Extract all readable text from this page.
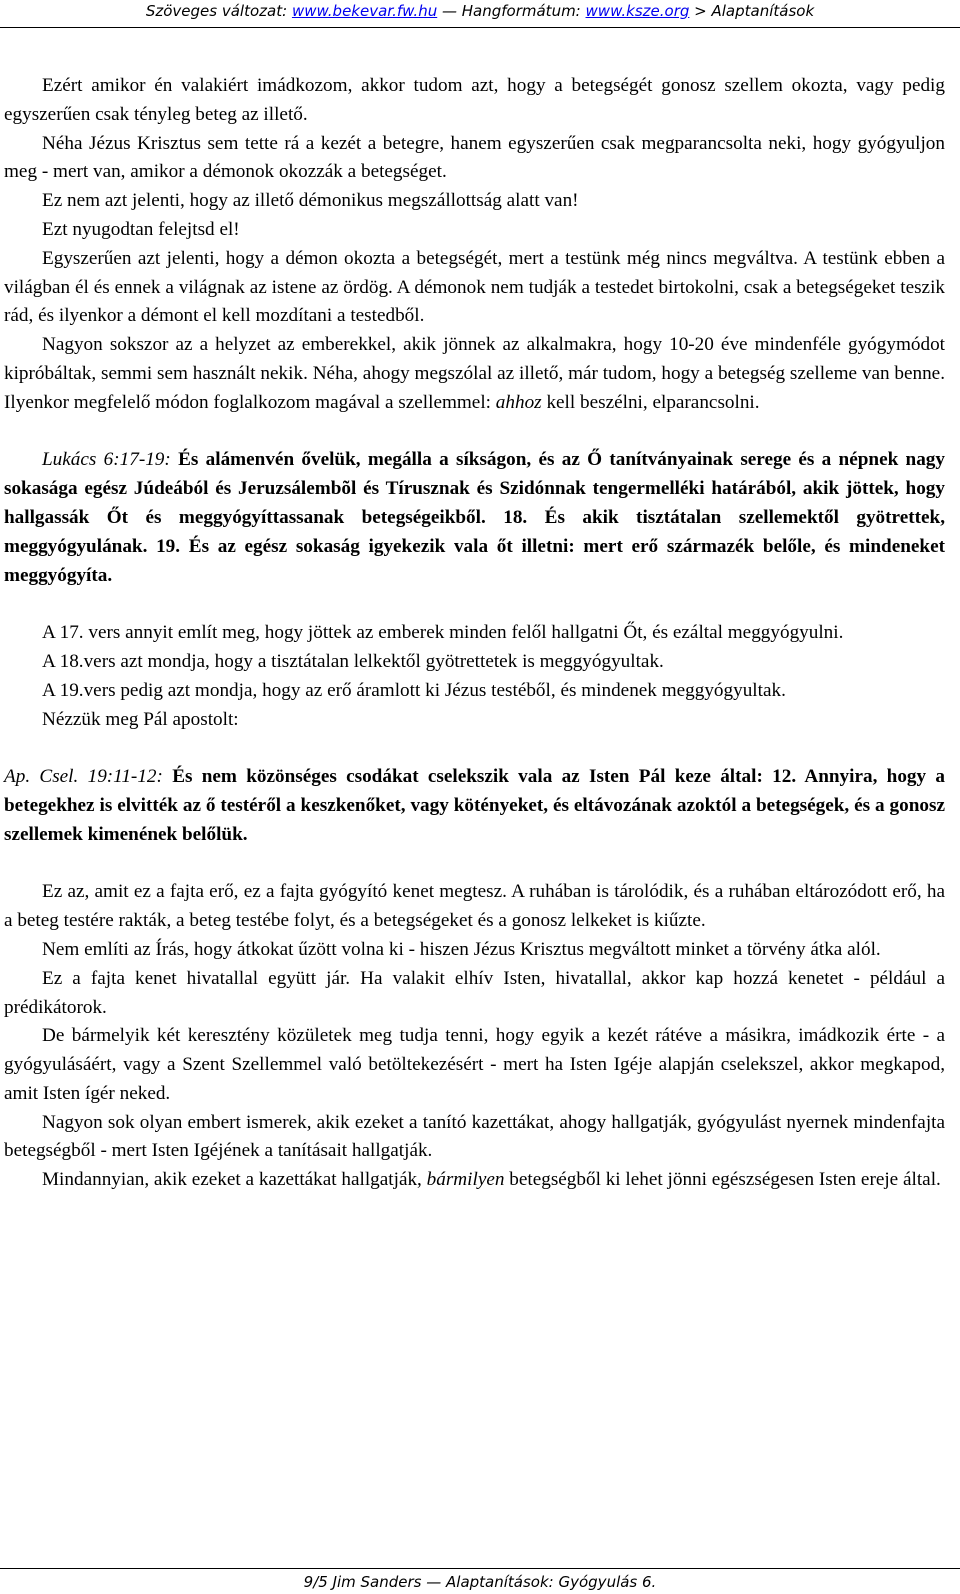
Szöveges változat: www.bekevar.fw.hu — Hangformátum: www.ksze.org > Alaptanítások

Ezért amikor én valakiért imádkozom, akkor tudom azt, hogy a betegségét gonosz szellem okozta, vagy pedig egyszerűen csak tényleg beteg az illető.

Néha Jézus Krisztus sem tette rá a kezét a betegre, hanem egyszerűen csak megparancsolta neki, hogy gyógyuljon meg - mert van, amikor a démonok okozzák a betegséget.

Ez nem azt jelenti, hogy az illető démonikus megszállottság alatt van!

Ezt nyugodtan felejtsd el!

Egyszerűen azt jelenti, hogy a démon okozta a betegségét, mert a testünk még nincs megváltva. A testünk ebben a világban él és ennek a világnak az istene az ördög. A démonok nem tudják a testedet birtokolni, csak a betegségeket teszik rád, és ilyenkor a démont el kell mozdítani a testedből.

Nagyon sokszor az a helyzet az emberekkel, akik jönnek az alkalmakra, hogy 10-20 éve mindenféle gyógymódot kipróbáltak, semmi sem használt nekik. Néha, ahogy megszólal az illető, már tudom, hogy a betegség szelleme van benne. Ilyenkor megfelelő módon foglalkozom magával a szellemmel: ahhoz kell beszélni, elparancsolni.

Lukács 6:17-19: És alámenvén ővelük, megálla a síkságon, és az Ő tanítványainak serege és a népnek nagy sokasága egész Júdeából és Jeruzsálembõl és Tírusznak és Szidónnak tengermelléki határából, akik jöttek, hogy hallgassák Őt és meggyógyíttassanak betegségeikből. 18. És akik tisztátalan szellemektől gyötrettek, meggyógyulának. 19. És az egész sokaság igyekezik vala őt illetni: mert erő származék belőle, és mindeneket meggyógyíta.

A 17. vers annyit említ meg, hogy jöttek az emberek minden felől hallgatni Őt, és ezáltal meggyógyulni.

A 18.vers azt mondja, hogy a tisztátalan lelkektől gyötrettetek is meggyógyultak.

A 19.vers pedig azt mondja, hogy az erő áramlott ki Jézus testéből, és mindenek meggyógyultak.

Nézzük meg Pál apostolt:

Ap. Csel. 19:11-12: És nem közönséges csodákat cselekszik vala az Isten Pál keze által: 12. Annyira, hogy a betegekhez is elvitték az ő testéről a keszkenőket, vagy kötényeket, és eltávozának azoktól a betegségek, és a gonosz szellemek kimenének belőlük.

Ez az, amit ez a fajta erő, ez a fajta gyógyító kenet megtesz. A ruhában is tárolódik, és a ruhában eltározódott erő, ha a beteg testére rakták, a beteg testébe folyt, és a betegségeket és a gonosz lelkeket is kiűzte.

Nem említi az Írás, hogy átkokat űzött volna ki - hiszen Jézus Krisztus megváltott minket a törvény átka alól.

Ez a fajta kenet hivatallal együtt jár. Ha valakit elhív Isten, hivatallal, akkor kap hozzá kenetet - például a prédikátorok.

De bármelyik két keresztény közületek meg tudja tenni, hogy egyik a kezét rátéve a másikra, imádkozik érte - a gyógyulásáért, vagy a Szent Szellemmel való betöltekezésért - mert ha Isten Igéje alapján cselekszel, akkor megkapod, amit Isten ígér neked.

Nagyon sok olyan embert ismerek, akik ezeket a tanító kazettákat, ahogy hallgatják, gyógyulást nyernek mindenfajta betegségből - mert Isten Igéjének a tanításait hallgatják.

Mindannyian, akik ezeket a kazettákat hallgatják, bármilyen betegségből ki lehet jönni egészségesen Isten ereje által.

9/5 Jim Sanders — Alaptanítások: Gyógyulás 6.
